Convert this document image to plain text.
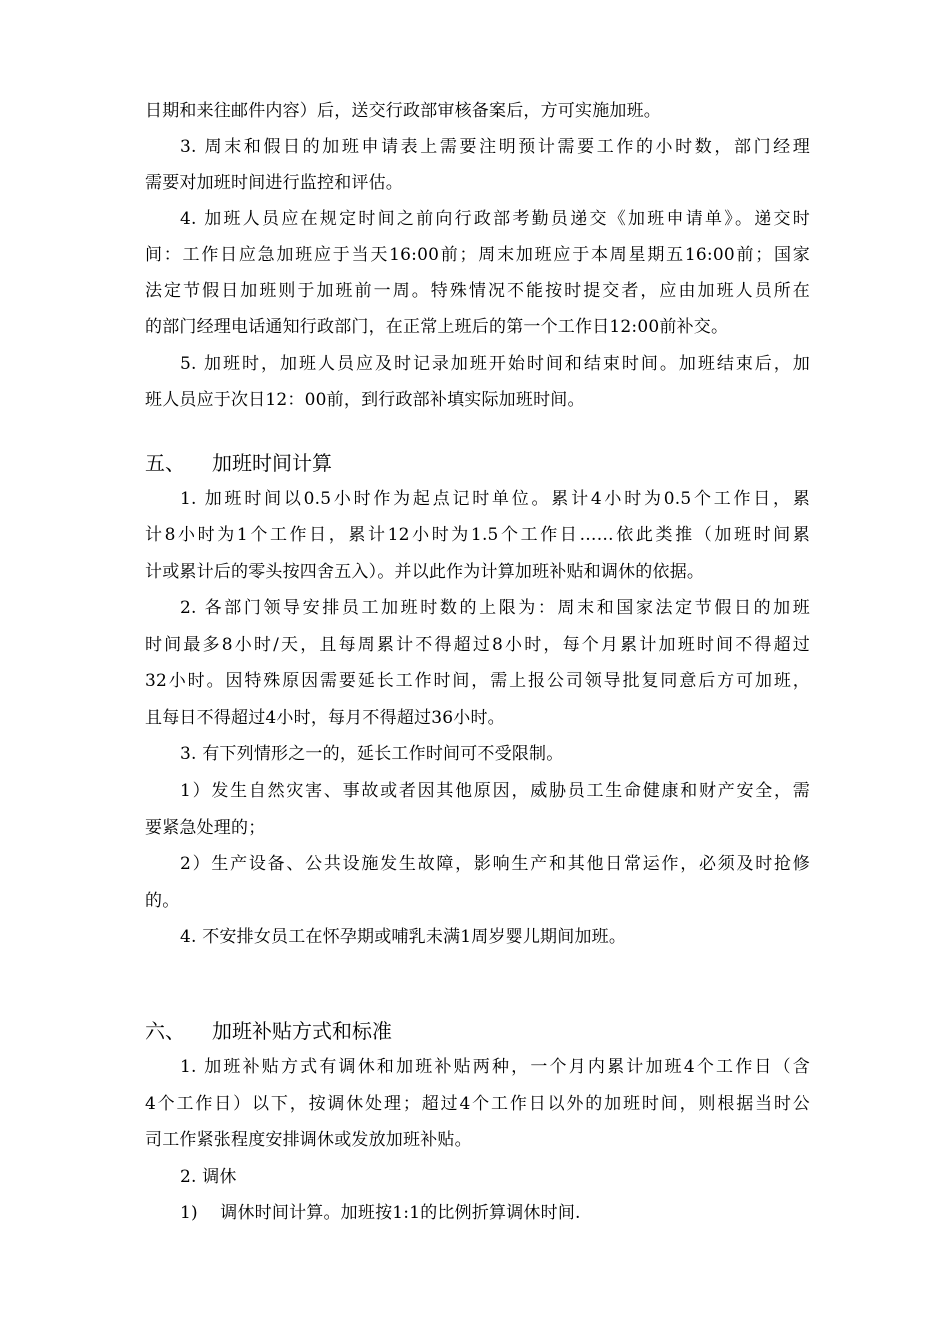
日期和来往邮件内容）后，送交行政部审核备案后，方可实施加班。
3. 周末和假日的加班申请表上需要注明预计需要工作的小时数，部门经理
需要对加班时间进行监控和评估。
4. 加班人员应在规定时间之前向行政部考勤员递交《加班申请单》。递交时
间：工作日应急加班应于当天16:00前；周末加班应于本周星期五16:00前；国家
法定节假日加班则于加班前一周。特殊情况不能按时提交者，应由加班人员所在
的部门经理电话通知行政部门，在正常上班后的第一个工作日12:00前补交。
5. 加班时，加班人员应及时记录加班开始时间和结束时间。加班结束后，加
班人员应于次日12：00前，到行政部补填实际加班时间。
五、 加班时间计算
1. 加班时间以0.5小时作为起点记时单位。累计4小时为0.5个工作日，累
计8小时为1个工作日，累计12小时为1.5个工作日……依此类推（加班时间累
计或累计后的零头按四舍五入）。并以此作为计算加班补贴和调休的依据。
2. 各部门领导安排员工加班时数的上限为：周末和国家法定节假日的加班
时间最多8小时/天，且每周累计不得超过8小时，每个月累计加班时间不得超过
32小时。因特殊原因需要延长工作时间，需上报公司领导批复同意后方可加班，
且每日不得超过4小时，每月不得超过36小时。
3. 有下列情形之一的，延长工作时间可不受限制。
1）发生自然灾害、事故或者因其他原因，威胁员工生命健康和财产安全，需
要紧急处理的；
2）生产设备、公共设施发生故障，影响生产和其他日常运作，必须及时抢修
的。
4. 不安排女员工在怀孕期或哺乳未满1周岁婴儿期间加班。
六、 加班补贴方式和标准
1. 加班补贴方式有调休和加班补贴两种，一个月内累计加班4个工作日（含
4个工作日）以下，按调休处理；超过4个工作日以外的加班时间，则根据当时公
司工作紧张程度安排调休或发放加班补贴。
2. 调休
1)    调休时间计算。加班按1:1的比例折算调休时间.
